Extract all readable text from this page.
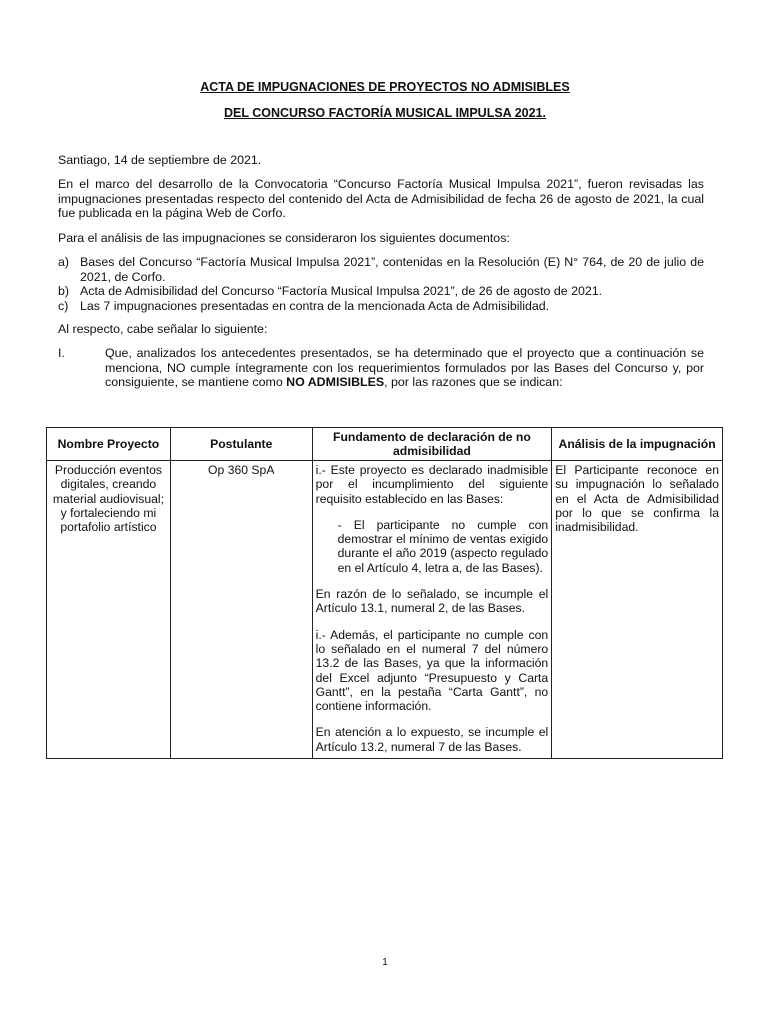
ACTA DE IMPUGNACIONES DE PROYECTOS NO ADMISIBLES
DEL CONCURSO FACTORÍA MUSICAL IMPULSA 2021.
Santiago, 14 de septiembre de 2021.
En el marco del desarrollo de la Convocatoria “Concurso Factoría Musical Impulsa 2021”, fueron revisadas las impugnaciones presentadas respecto del contenido del Acta de Admisibilidad de fecha 26 de agosto de 2021, la cual fue publicada en la página Web de Corfo.
Para el análisis de las impugnaciones se consideraron los siguientes documentos:
a) Bases del Concurso “Factoría Musical Impulsa 2021”, contenidas en la Resolución (E) N° 764, de 20 de julio de 2021, de Corfo.
b) Acta de Admisibilidad del Concurso “Factoría Musical Impulsa 2021”, de 26 de agosto de 2021.
c) Las 7 impugnaciones presentadas en contra de la mencionada Acta de Admisibilidad.
Al respecto, cabe señalar lo siguiente:
I.	Que, analizados los antecedentes presentados, se ha determinado que el proyecto que a continuación se menciona, NO cumple íntegramente con los requerimientos formulados por las Bases del Concurso y, por consiguiente, se mantiene como NO ADMISIBLES, por las razones que se indican:
Nombre Proyecto	Postulante	Fundamento de declaración de no admisibilidad	Análisis de la impugnación
Producción eventos digitales, creando material audiovisual; y fortaleciendo mi portafolio artístico	Op 360 SpA	i.- Este proyecto es declarado inadmisible por el incumplimiento del siguiente requisito establecido en las Bases:

- El participante no cumple con demostrar el mínimo de ventas exigido durante el año 2019 (aspecto regulado en el Artículo 4, letra a, de las Bases).

En razón de lo señalado, se incumple el Artículo 13.1, numeral 2, de las Bases.

i.- Además, el participante no cumple con lo señalado en el numeral 7 del número 13.2 de las Bases, ya que la información del Excel adjunto “Presupuesto y Carta Gantt”, en la pestaña “Carta Gantt”, no contiene información.

En atención a lo expuesto, se incumple el Artículo 13.2, numeral 7 de las Bases.	El Participante reconoce en su impugnación lo señalado en el Acta de Admisibilidad por lo que se confirma la inadmisibilidad.
1
